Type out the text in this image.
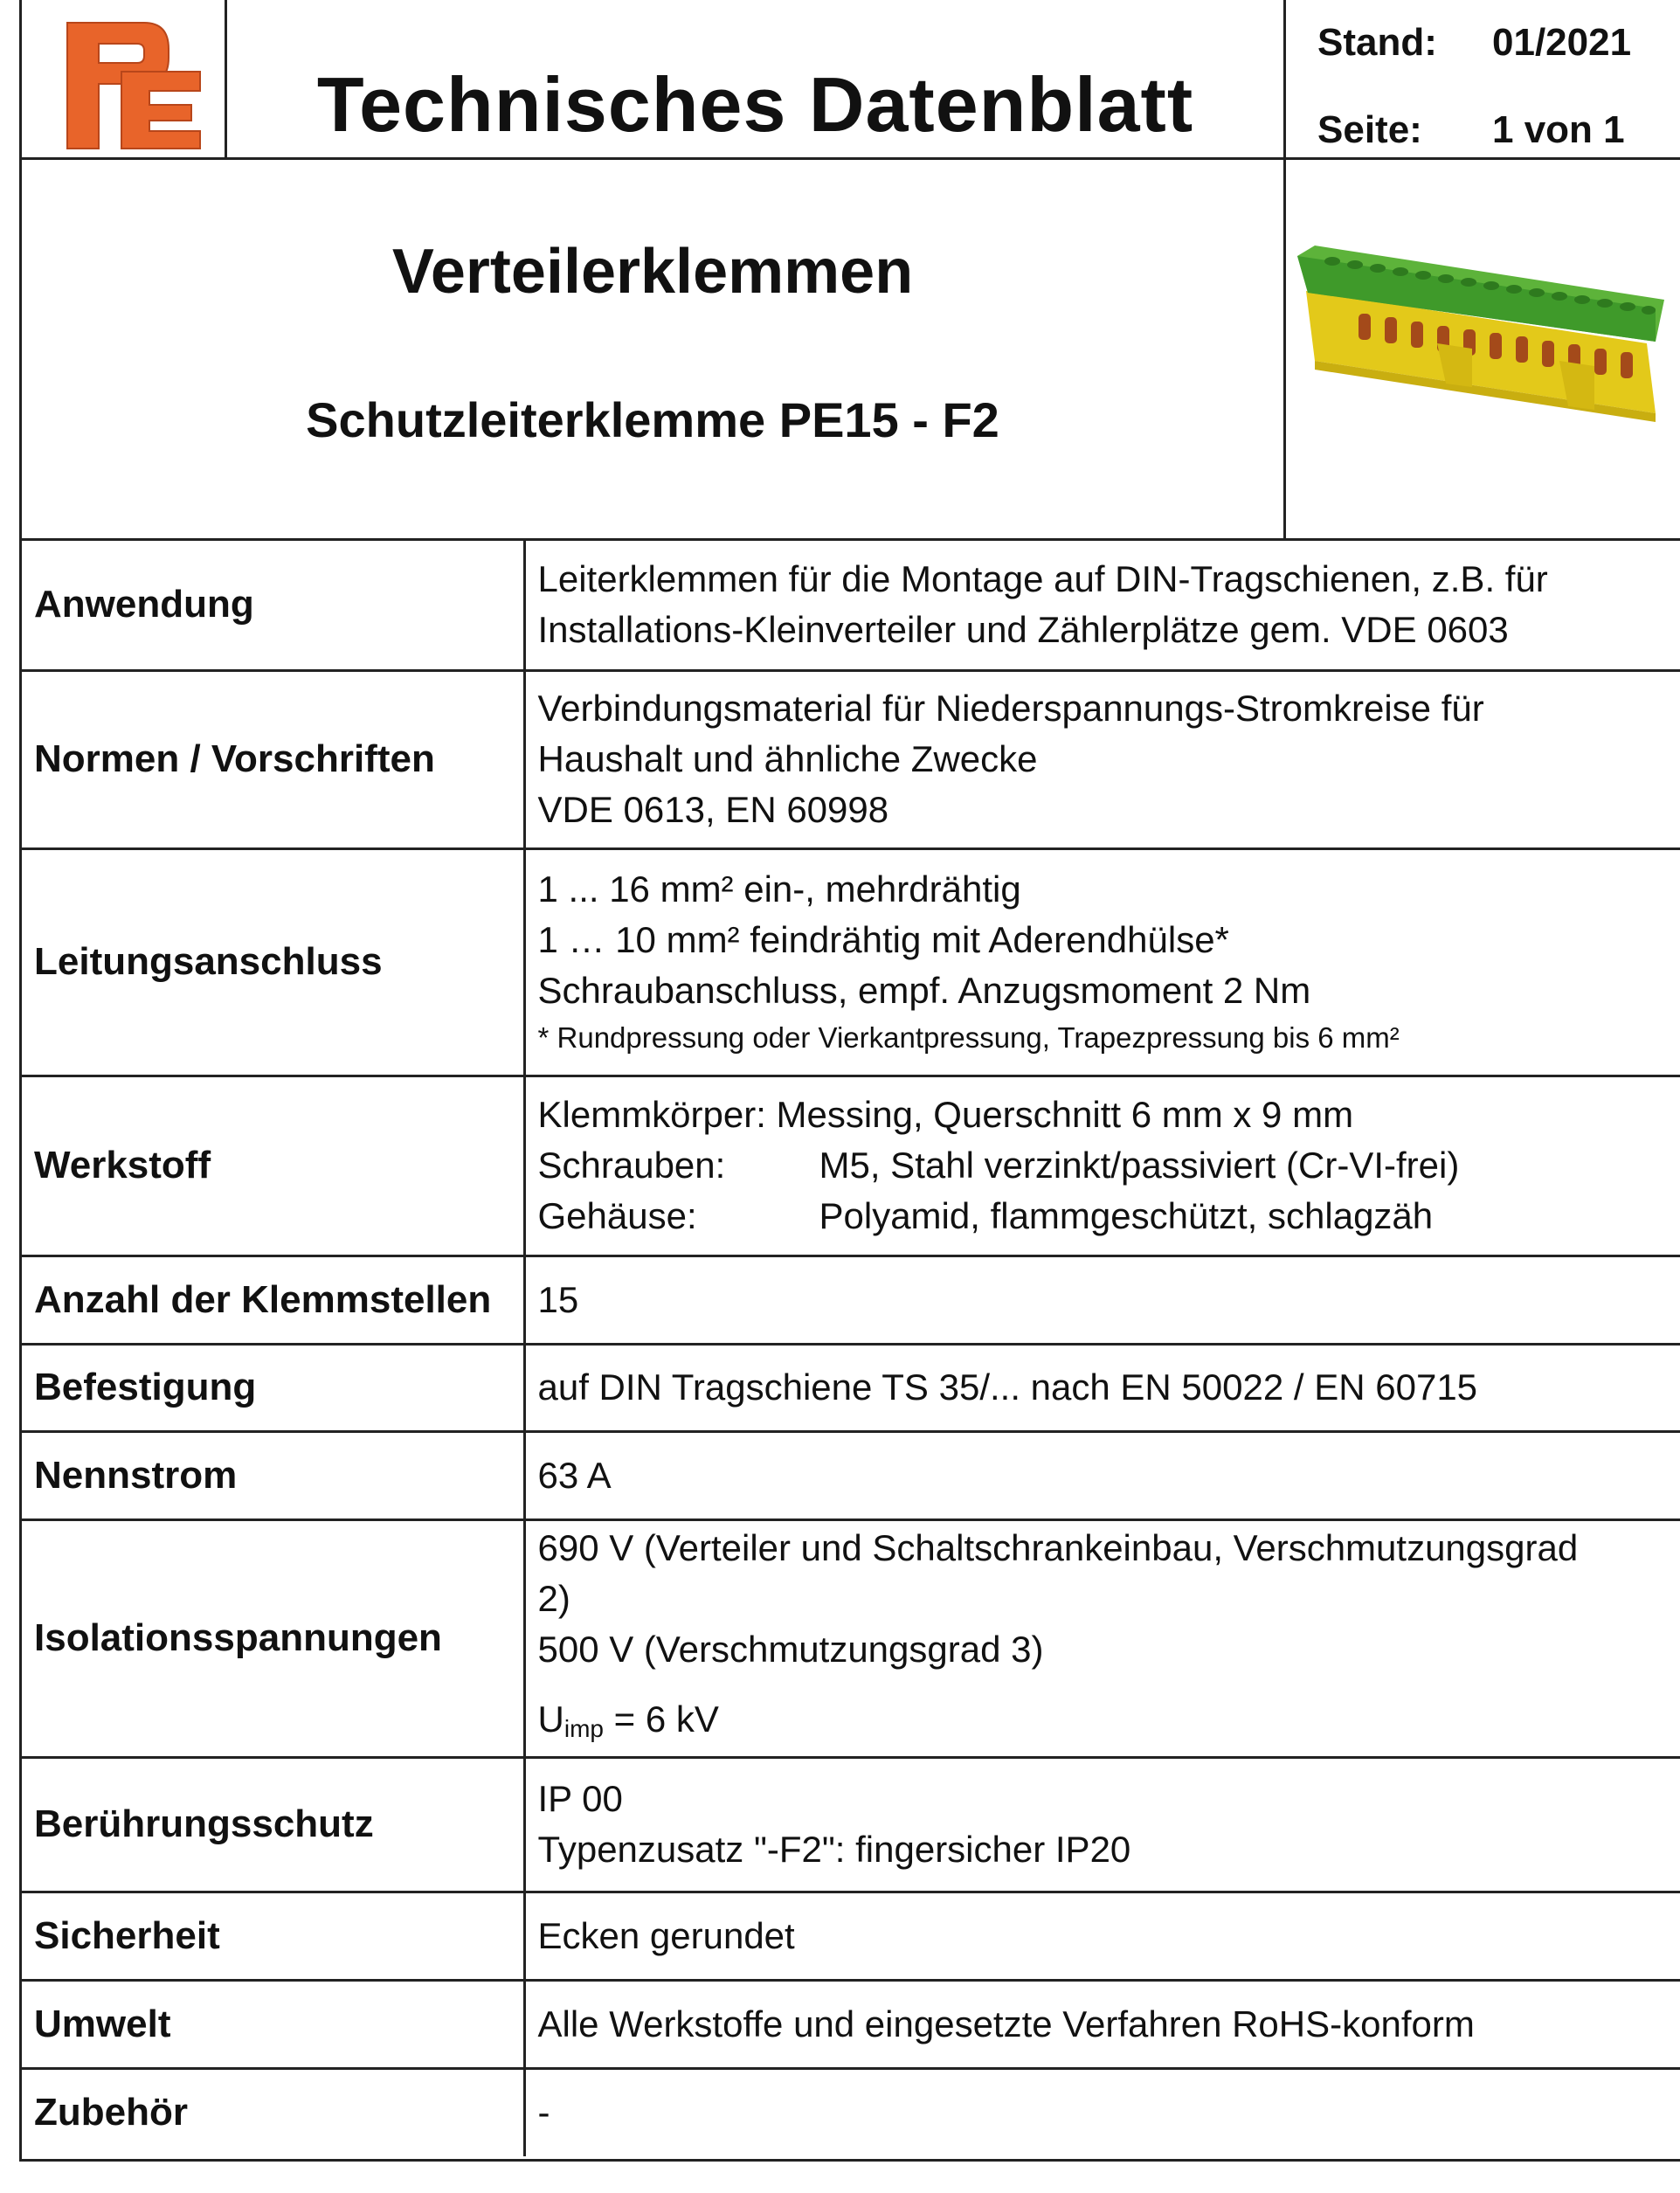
Technisches Datenblatt
Stand: 01/2021
Seite: 1 von 1
Verteilerklemmen
Schutzleiterklemme PE15 - F2
Anwendung	Leiterklemmen für die Montage auf DIN-Tragschienen, z.B. für
Installations-Kleinverteiler und Zählerplätze gem. VDE 0603

Normen / Vorschriften	Verbindungsmaterial für Niederspannungs-Stromkreise für
Haushalt und ähnliche Zwecke
VDE 0613, EN 60998

Leitungsanschluss	1 ... 16 mm² ein-, mehrdrähtig
1 … 10 mm² feindrähtig mit Aderendhülse*
Schraubanschluss, empf. Anzugsmoment 2 Nm
* Rundpressung oder Vierkantpressung, Trapezpressung bis 6 mm²

Werkstoff	Klemmkörper: Messing, Querschnitt 6 mm x 9 mm
Schrauben: M5, Stahl verzinkt/passiviert (Cr-VI-frei)
Gehäuse: Polyamid, flammgeschützt, schlagzäh

Anzahl der Klemmstellen	15
Befestigung	auf DIN Tragschiene TS 35/... nach EN 50022 / EN 60715
Nennstrom	63 A
Isolationsspannungen	690 V (Verteiler und Schaltschrankeinbau, Verschmutzungsgrad
2)
500 V (Verschmutzungsgrad 3)
$U_{imp} = 6$ kV

Berührungsschutz	IP 00
Typenzusatz "-F2": fingersicher IP20

Sicherheit	Ecken gerundet
Umwelt	Alle Werkstoffe und eingesetzte Verfahren RoHS-konform
Zubehör	-
